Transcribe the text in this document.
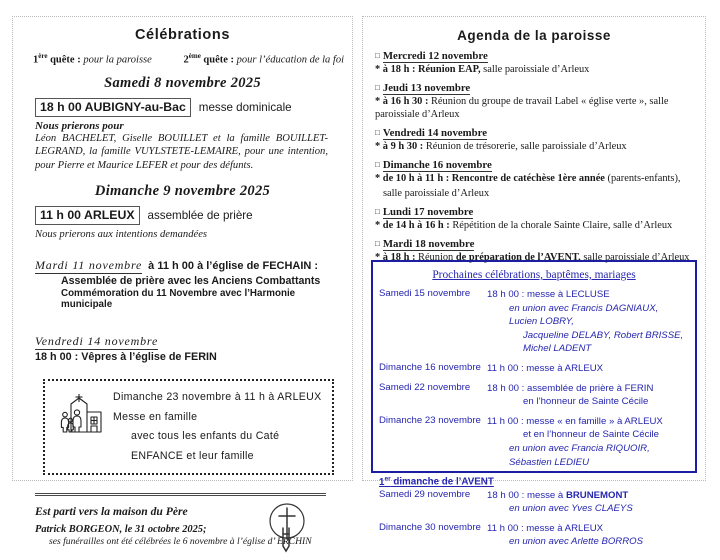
Célébrations
1ère quête : pour la paroisse	2ème quête : pour l’éducation de la foi
Samedi 8 novembre 2025
18 h 00 AUBIGNY-au-Bac	messe dominicale
Nous prierons pour
Léon BACHELET, Giselle BOUILLET et la famille BOUILLET-LEGRAND, la famille VUYLSTETE-LEMAIRE, pour une intention, pour Pierre et Maurice LEFER et pour des défunts.
Dimanche 9 novembre 2025
11 h 00 ARLEUX	assemblée de prière
Nous prierons aux intentions demandées
Mardi 11 novembre à 11 h 00 à l’église de FECHAIN :
Assemblée de prière avec les Anciens Combattants
Commémoration du 11 Novembre avec l’Harmonie municipale
Vendredi 14 novembre
18 h 00 : Vêpres à l’église de FERIN
Dimanche 23 novembre à 11 h à ARLEUX
Messe en famille
avec tous les enfants du Caté ENFANCE et leur famille
Est parti vers la maison du Père
Patrick BORGEON, le 31 octobre 2025;
ses funérailles ont été célébrées le 6 novembre à l’église d’ ERCHIN
Agenda de la paroisse
□ Mercredi 12 novembre
* à 18 h : Réunion EAP, salle paroissiale d’Arleux
□ Jeudi 13 novembre
* à 16 h 30 : Réunion du groupe de travail Label « église verte », salle paroissiale d’Arleux
□ Vendredi 14 novembre
* à 9 h 30 : Réunion de trésorerie, salle paroissiale d’Arleux
□ Dimanche 16 novembre
* de 10 h à 11 h : Rencontre de catéchèse 1ère année (parents-enfants),
salle paroissiale d’Arleux
□ Lundi 17 novembre
* de 14 h à 16 h : Répétition de la chorale Sainte Claire, salle d’Arleux
□ Mardi 18 novembre
* à 18 h : Réunion de préparation de l’AVENT, salle paroissiale d’Arleux
Prochaines célébrations, baptêmes, mariages
Samedi 15 novembre	18 h 00 : messe à LECLUSE
en union avec Francis DAGNIAUX, Lucien LOBRY,
Jacqueline DELABY, Robert BRISSE, Michel LADENT
Dimanche 16 novembre 11 h 00 : messe à ARLEUX
Samedi 22 novembre	18 h 00 : assemblée de prière à FERIN
en l’honneur de Sainte Cécile
Dimanche 23 novembre 11 h 00 : messe « en famille » à ARLEUX
et en l’honneur de Sainte Cécile
en union avec Francia RIQUOIR, Sébastien LEDIEU
1er dimanche de l’AVENT
Samedi 29 novembre	18 h 00 : messe à BRUNEMONT
en union avec Yves CLAEYS
Dimanche 30 novembre 11 h 00 : messe à ARLEUX
en union avec Arlette BORROS
